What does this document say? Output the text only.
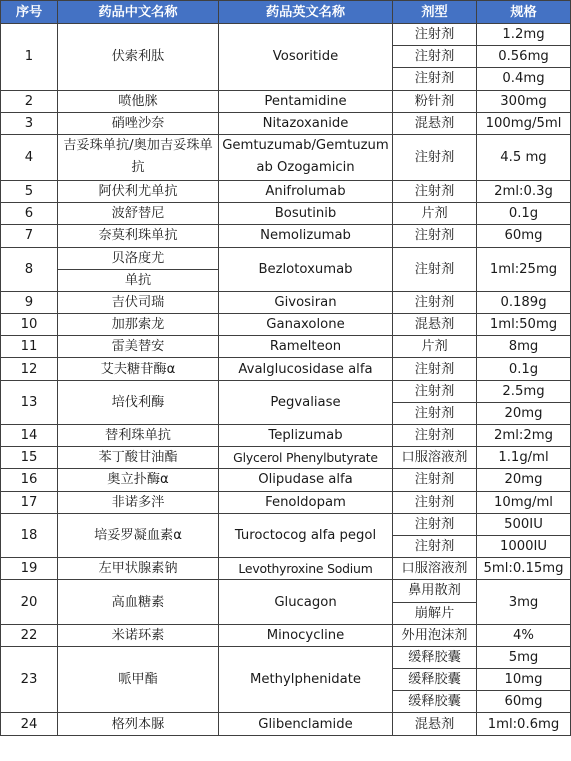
序号	药品中文名称	药品英文名称	剂型	规格
1	伏索利肽	Vosoritide	注射剂	1.2mg
			注射剂	0.56mg
			注射剂	0.4mg
2	喷他脒	Pentamidine	粉针剂	300mg
3	硝唑沙奈	Nitazoxanide	混悬剂	100mg/5ml
4	吉妥珠单抗/奥加吉妥珠单抗	Gemtuzumab/Gemtuzumab Ozogamicin	注射剂	4.5 mg
5	阿伏利尤单抗	Anifrolumab	注射剂	2ml:0.3g
6	波舒替尼	Bosutinib	片剂	0.1g
7	奈莫利珠单抗	Nemolizumab	注射剂	60mg
8	贝洛度尤	Bezlotoxumab	注射剂	1ml:25mg
	单抗			
9	吉伏司瑞	Givosiran	注射剂	0.189g
10	加那索龙	Ganaxolone	混悬剂	1ml:50mg
11	雷美替安	Ramelteon	片剂	8mg
12	艾夫糖苷酶α	Avalglucosidase alfa	注射剂	0.1g
13	培伐利酶	Pegvaliase	注射剂	2.5mg
			注射剂	20mg
14	替利珠单抗	Teplizumab	注射剂	2ml:2mg
15	苯丁酸甘油酯	Glycerol Phenylbutyrate	口服溶液剂	1.1g/ml
16	奥立扑酶α	Olipudase alfa	注射剂	20mg
17	非诺多泮	Fenoldopam	注射剂	10mg/ml
18	培妥罗凝血素α	Turoctocog alfa pegol	注射剂	500IU
			注射剂	1000IU
19	左甲状腺素钠	Levothyroxine Sodium	口服溶液剂	5ml:0.15mg
20	高血糖素	Glucagon	鼻用散剂	3mg
			崩解片	
22	米诺环素	Minocycline	外用泡沫剂	4%
23	哌甲酯	Methylphenidate	缓释胶囊	5mg
			缓释胶囊	10mg
			缓释胶囊	60mg
24	格列本脲	Glibenclamide	混悬剂	1ml:0.6mg
